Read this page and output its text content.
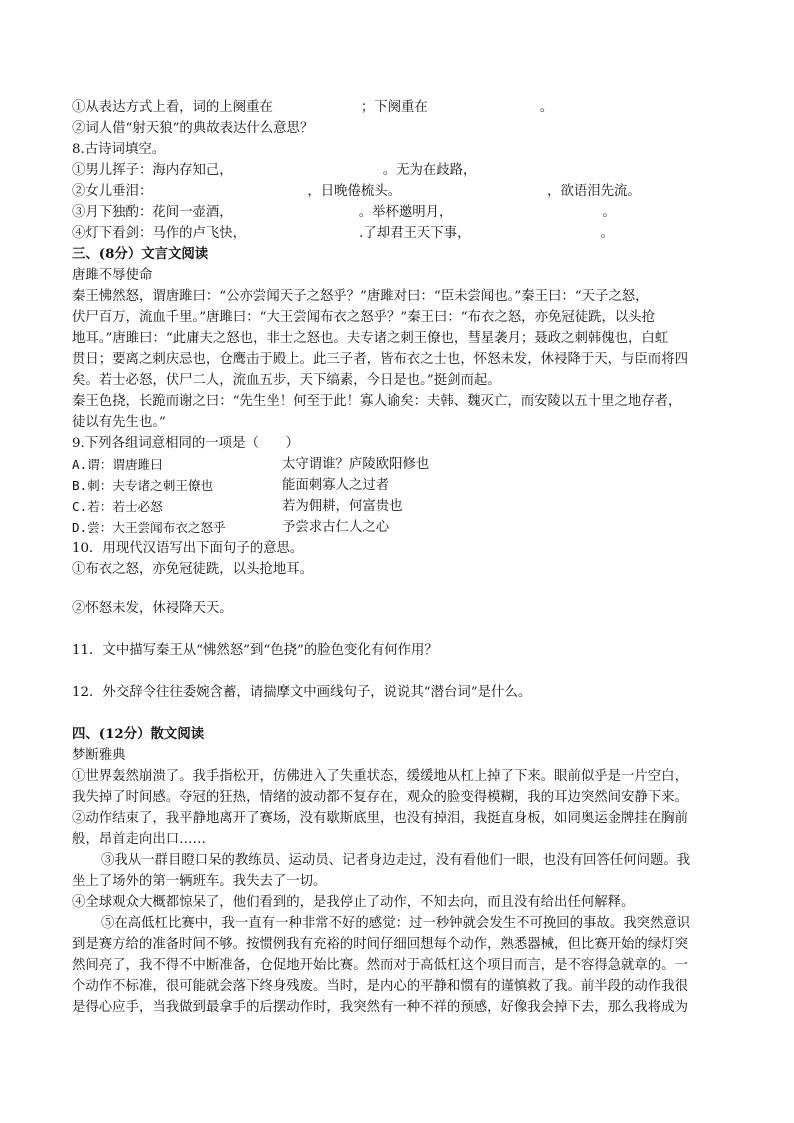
①从表达方式上看，词的上阕重在	；下阕重在	。
②词人借“射天狼”的典故表达什么意思？
8.古诗词填空。
①男儿挥子：海内存知己，	。无为在歧路，
②女儿垂泪：	，日晚倦梳头。	，欲语泪先流。
③月下独酌：花间一壶酒，	。举杯邀明月，	。
④灯下看剑：马作的卢飞快，	.了却君王天下事，	。
三、(8分）文言文阅读
唐雎不辱使命
秦王怫然怒，谓唐雎曰：“公亦尝闻天子之怒乎？”唐雎对曰：“臣未尝闻也。”秦王曰：“天子之怒，
伏尸百万，流血千里。”唐雎曰：“大王尝闻布衣之怒乎？”秦王曰：“布衣之怒，亦免冠徒跣，以头抢
地耳。”唐雎曰：“此庸夫之怒也，非士之怒也。夫专诸之刺王僚也，彗星袭月；聂政之刺韩傀也，白虹
贯日；要离之刺庆忌也，仓鹰击于殿上。此三子者，皆布衣之士也，怀怒未发，休祲降于天，与臣而将四
矣。若士必怒，伏尸二人，流血五步，天下缟素，今日是也。”挺剑而起。
秦王色挠，长跪而谢之曰：“先生坐！何至于此！寡人谕矣：夫韩、魏灭亡，而安陵以五十里之地存者，
徒以有先生也。”
9.下列各组词意相同的一项是（　　）
A.谓：谓唐雎曰	太守谓谁？庐陵欧阳修也
B.刺：夫专诸之刺王僚也	能面刺寡人之过者
C.若：若士必怒	若为佣耕，何富贵也
D.尝：大王尝闻布衣之怒乎	予尝求古仁人之心
10．用现代汉语写出下面句子的意思。
①布衣之怒，亦免冠徒跣，以头抢地耳。
②怀怒未发，休祲降天天。
11．文中描写秦王从“怫然怒”到“色挠”的脸色变化有何作用？
12．外交辞令往往委婉含蓄，请揣摩文中画线句子，说说其“潜台词”是什么。
四、(12分）散文阅读
梦断雅典
①世界轰然崩溃了。我手指松开，仿佛进入了失重状态，缓缓地从杠上掉了下来。眼前似乎是一片空白，
我失掉了时间感。夺冠的狂热，情绪的波动都不复存在，观众的脸变得模糊，我的耳边突然间安静下来。
②动作结束了，我平静地离开了赛场，没有歇斯底里，也没有掉泪，我挺直身板，如同奥运金牌挂在胸前
般，昂首走向出口……
③我从一群目瞪口呆的教练员、运动员、记者身边走过，没有看他们一眼，也没有回答任何问题。我
坐上了场外的第一辆班车。我失去了一切。
④全球观众大概都惊呆了，他们看到的，是我停止了动作，不知去向，而且没有给出任何解释。
⑤在高低杠比赛中，我一直有一种非常不好的感觉：过一秒钟就会发生不可挽回的事故。我突然意识
到是赛方给的准备时间不够。按惯例我有充裕的时间仔细回想每个动作，熟悉器械，但比赛开始的绿灯突
然间亮了，我不得不中断准备，仓促地开始比赛。然而对于高低杠这个项目而言，是不容得急就章的。一
个动作不标准，很可能就会落下终身残废。当时，是内心的平静和惯有的谨慎救了我。前半段的动作我很
是得心应手，当我做到最拿手的后摆动作时，我突然有一种不祥的预感，好像我会掉下去，那么我将成为
